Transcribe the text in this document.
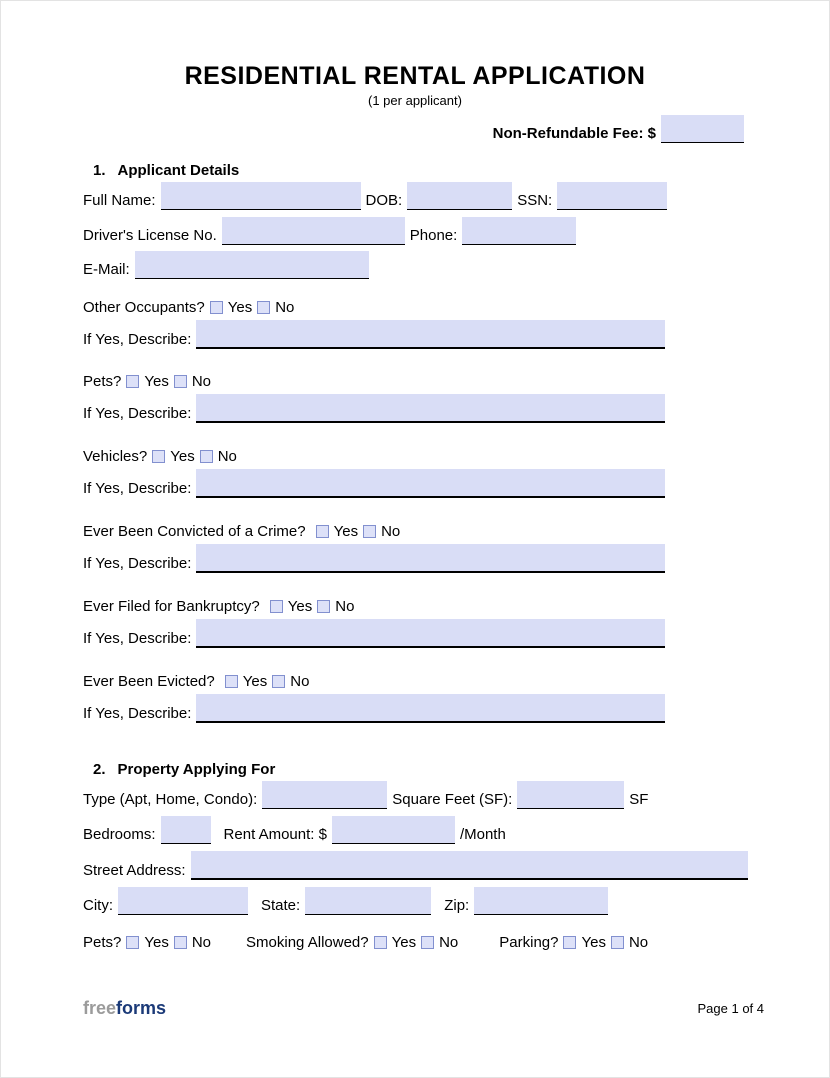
RESIDENTIAL RENTAL APPLICATION
(1 per applicant)
Non-Refundable Fee: $
1. Applicant Details
Full Name:	DOB:	SSN:
Driver's License No.	Phone:
E-Mail:
Other Occupants? Yes No
If Yes, Describe:
Pets? Yes No
If Yes, Describe:
Vehicles? Yes No
If Yes, Describe:
Ever Been Convicted of a Crime? Yes No
If Yes, Describe:
Ever Filed for Bankruptcy? Yes No
If Yes, Describe:
Ever Been Evicted? Yes No
If Yes, Describe:
2. Property Applying For
Type (Apt, Home, Condo):	Square Feet (SF):	SF
Bedrooms:	Rent Amount: $	/Month
Street Address:
City:	State:	Zip:
Pets? Yes No Smoking Allowed? Yes No	Parking? Yes No
freeforms	Page 1 of 4
